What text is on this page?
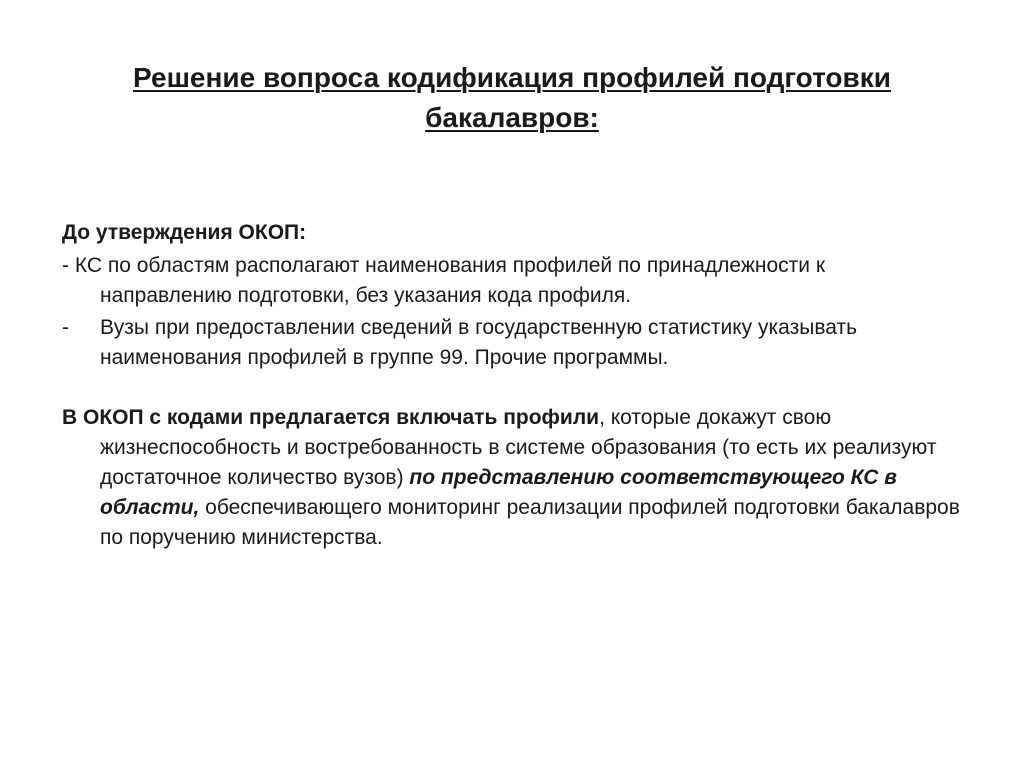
Решение вопроса кодификация профилей подготовки
бакалавров:
До утверждения ОКОП:
- КС по областям располагают наименования профилей по принадлежности к направлению подготовки, без указания кода профиля.
- Вузы при предоставлении сведений в государственную статистику указывать наименования профилей в группе 99. Прочие программы.
В ОКОП с кодами предлагается включать профили, которые докажут свою жизнеспособность и востребованность в системе образования (то есть их реализуют достаточное количество вузов) по представлению соответствующего КС в области, обеспечивающего мониторинг реализации профилей подготовки бакалавров по поручению министерства.
